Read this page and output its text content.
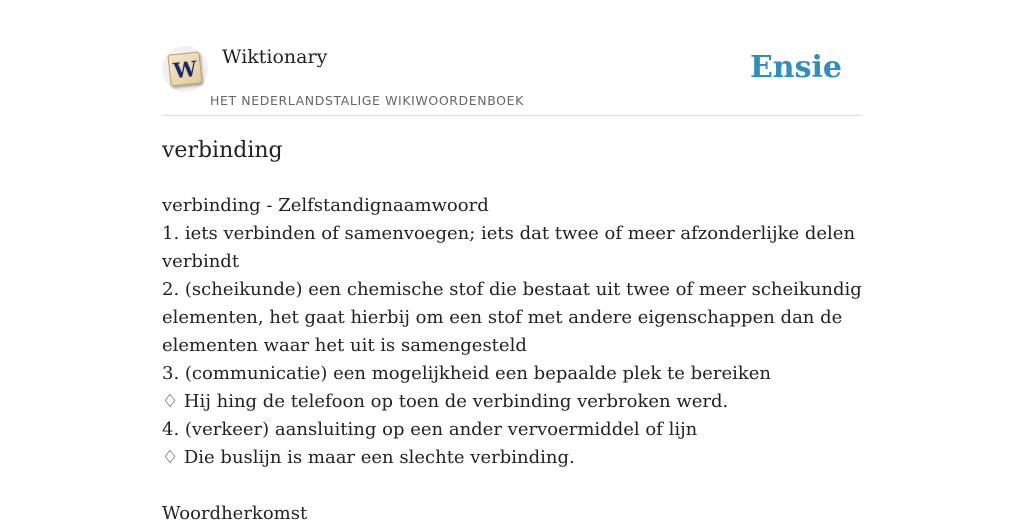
W Wiktionary
HET NEDERLANDSTALIGE WIKIWOORDENBOEK
Ensie
verbinding
verbinding - Zelfstandignaamwoord
1. iets verbinden of samenvoegen; iets dat twee of meer afzonderlijke delen
verbindt
2. (scheikunde) een chemische stof die bestaat uit twee of meer scheikundig
elementen, het gaat hierbij om een stof met andere eigenschappen dan de
elementen waar het uit is samengesteld
3. (communicatie) een mogelijkheid een bepaalde plek te bereiken
♢ Hij hing de telefoon op toen de verbinding verbroken werd.
4. (verkeer) aansluiting op een ander vervoermiddel of lijn
♢ Die buslijn is maar een slechte verbinding.
Woordherkomst
